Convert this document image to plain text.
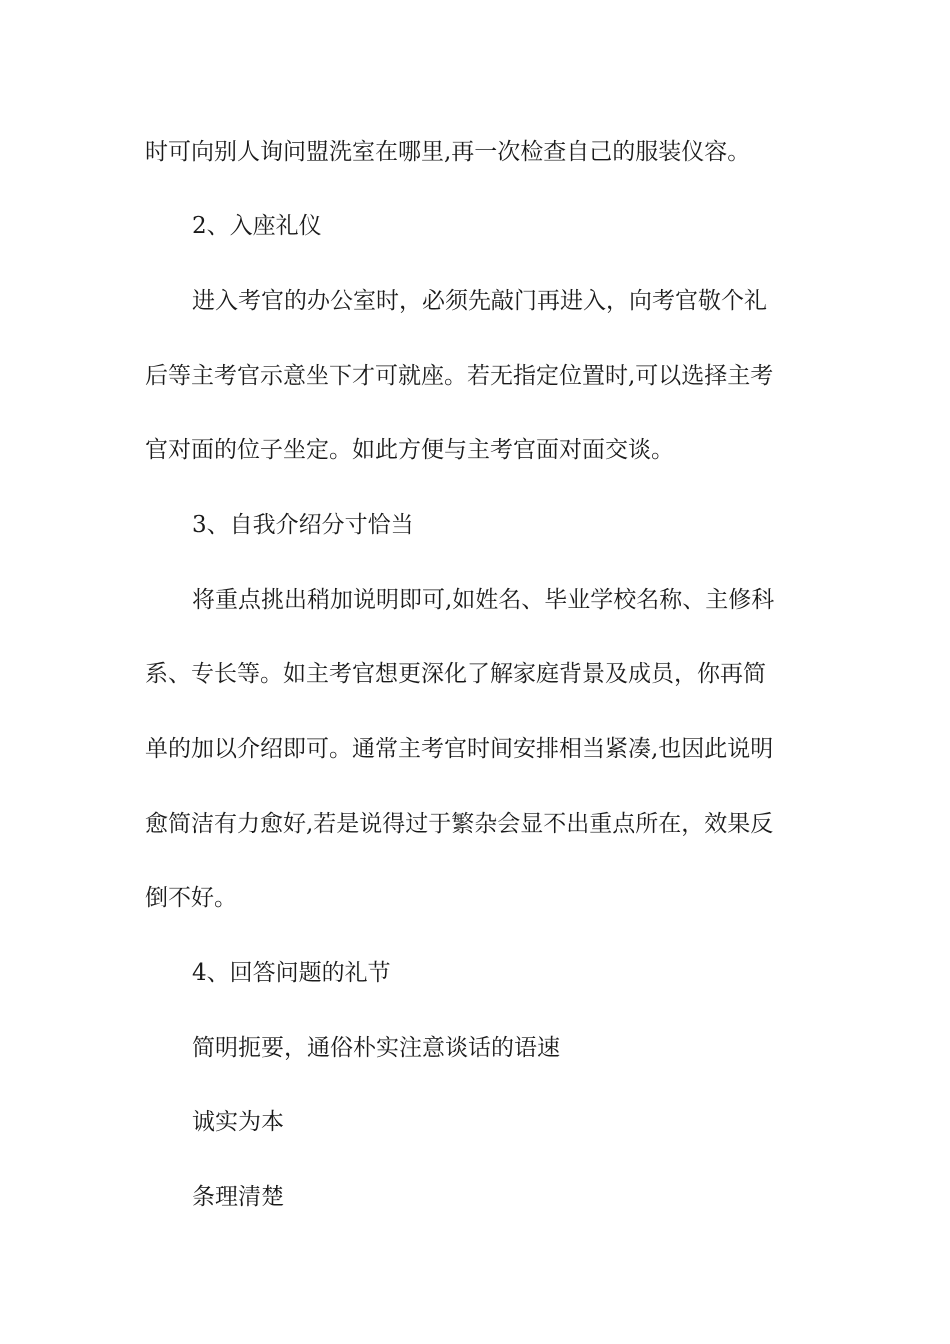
时可向别人询问盟洗室在哪里,再一次检查自己的服装仪容。
2、入座礼仪
进入考官的办公室时，必须先敲门再进入，向考官敬个礼
后等主考官示意坐下才可就座。若无指定位置时,可以选择主考
官对面的位子坐定。如此方便与主考官面对面交谈。
3、自我介绍分寸恰当
将重点挑出稍加说明即可,如姓名、毕业学校名称、主修科
系、专长等。如主考官想更深化了解家庭背景及成员，你再简
单的加以介绍即可。通常主考官时间安排相当紧凑,也因此说明
愈简洁有力愈好,若是说得过于繁杂会显不出重点所在，效果反
倒不好。
4、回答问题的礼节
简明扼要，通俗朴实注意谈话的语速
诚实为本
条理清楚
